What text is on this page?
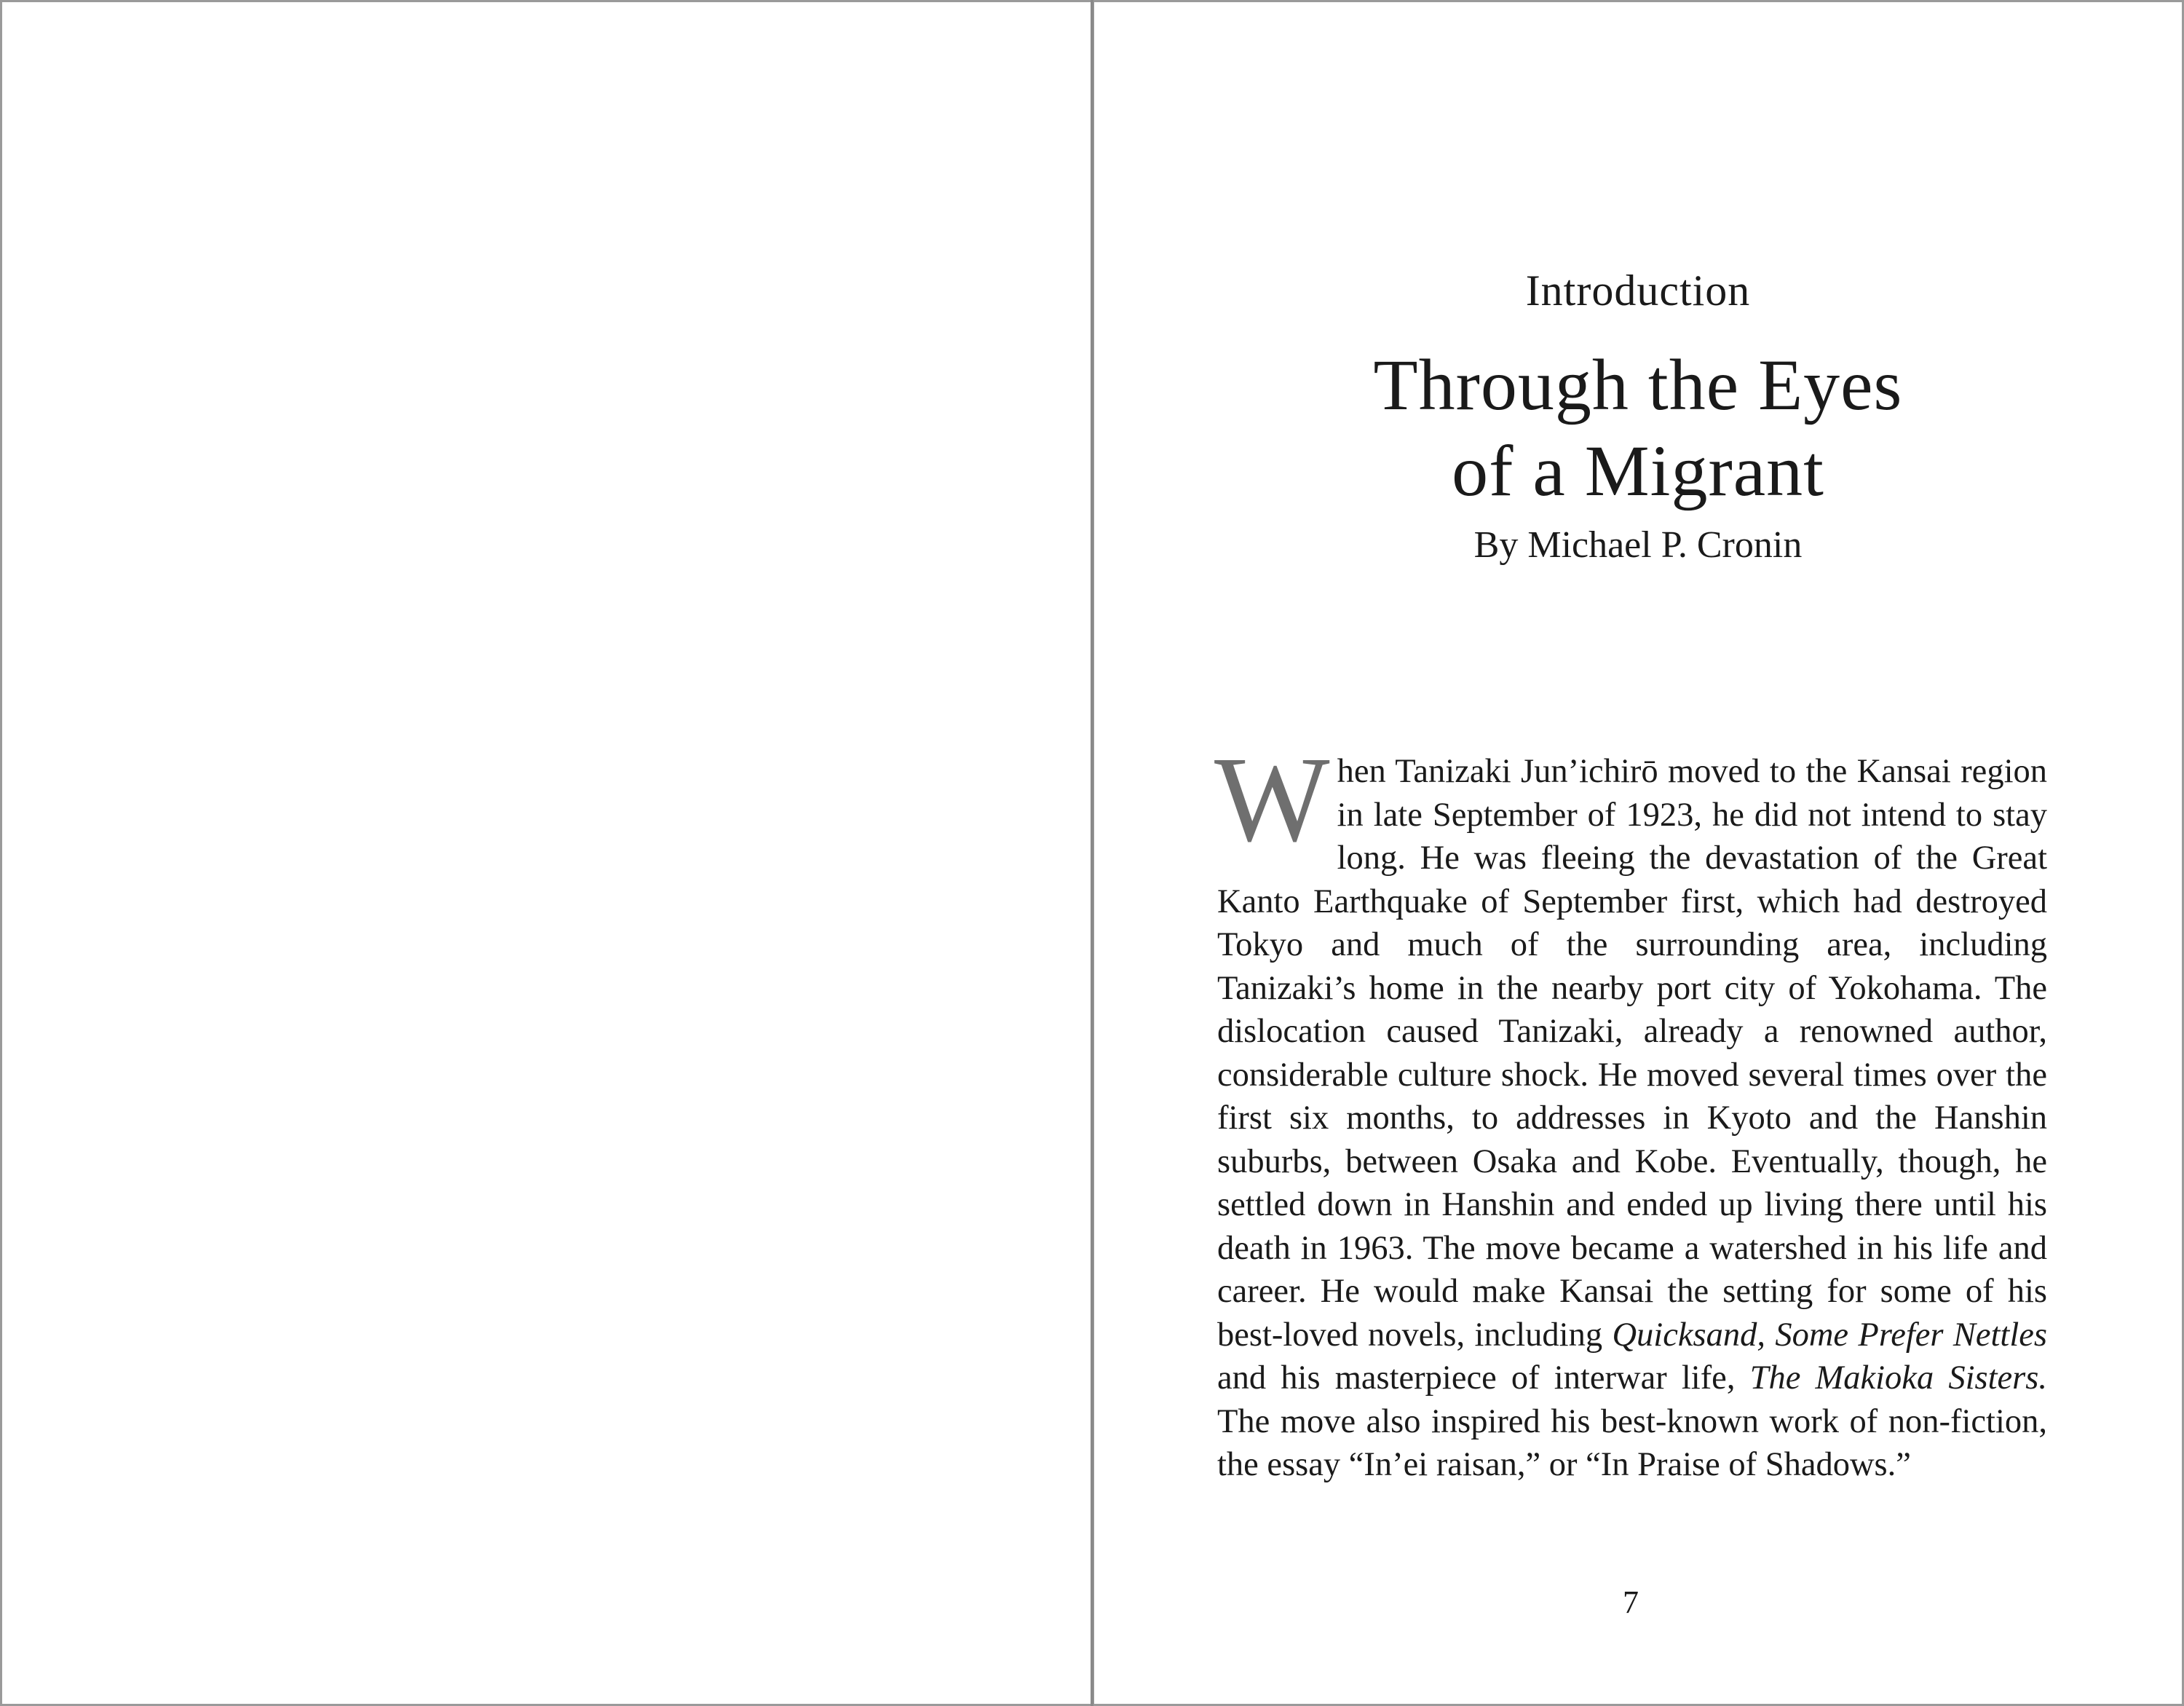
Introduction
Through the Eyes
of a Migrant
By Michael P. Cronin

When Tanizaki Jun’ichirō moved to the Kansai region in late September of 1923, he did not intend to stay long. He was fleeing the devastation of the Great Kanto Earthquake of September first, which had destroyed Tokyo and much of the surrounding area, including Tanizaki’s home in the nearby port city of Yokohama. The dislocation caused Tanizaki, already a renowned author, considerable culture shock. He moved several times over the first six months, to addresses in Kyoto and the Hanshin suburbs, between Osaka and Kobe. Eventually, though, he settled down in Hanshin and ended up living there until his death in 1963. The move became a watershed in his life and career. He would make Kansai the setting for some of his best-loved novels, including Quicksand, Some Prefer Nettles and his masterpiece of interwar life, The Makioka Sisters. The move also inspired his best-known work of non-fiction, the essay “In’ei raisan,” or “In Praise of Shadows.”

7
